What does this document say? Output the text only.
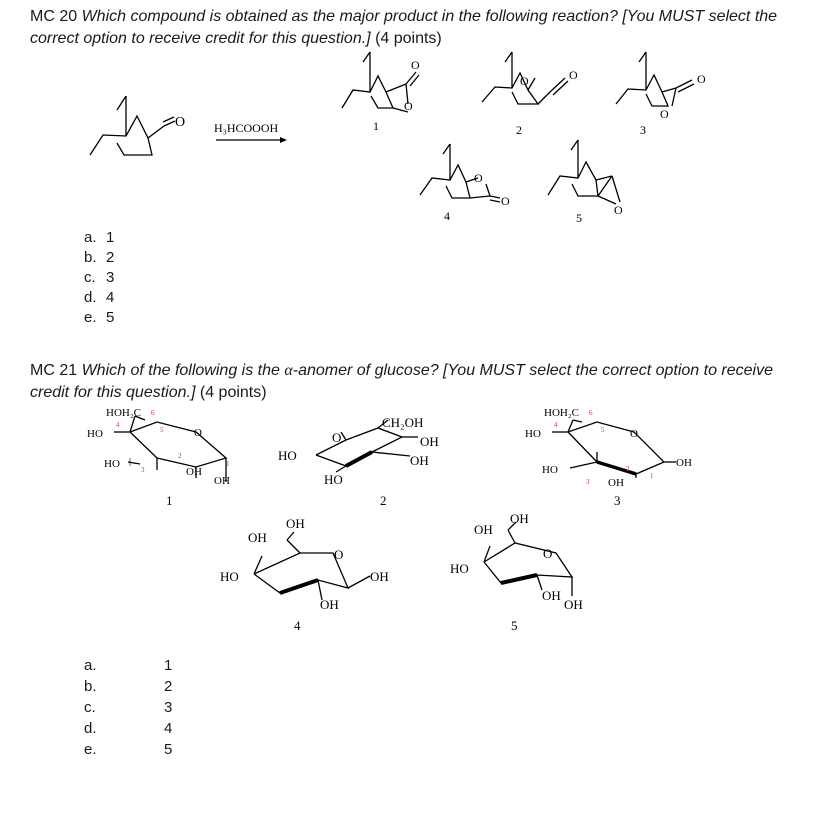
MC 20 Which compound is obtained as the major product in the following reaction? [You MUST select the correct option to receive credit for this question.] (4 points)
O H₃HCOOOH
O
O
1
O	O
2
O
O
3
O
O
4	O
5
HOH₂C
HO
HO
OH
OH
O
6
4
5
3
2
1
1
O
CH₂OH
OH
OH
HO
HO
2
HOH₂C
HO
HO
OH
OH
O
6
4
5
3
2
1
3
HO
OH
OH
OH
OH
O
4
HO
OH
OH
OH
OH
O
5
a. 1
b. 2
c. 3
d. 4
e. 5
MC 21 Which of the following is the α-anomer of glucose? [You MUST select the correct option to receive credit for this question.] (4 points)
a.
b.
c.
d.
e.
1
2
3
4
5
